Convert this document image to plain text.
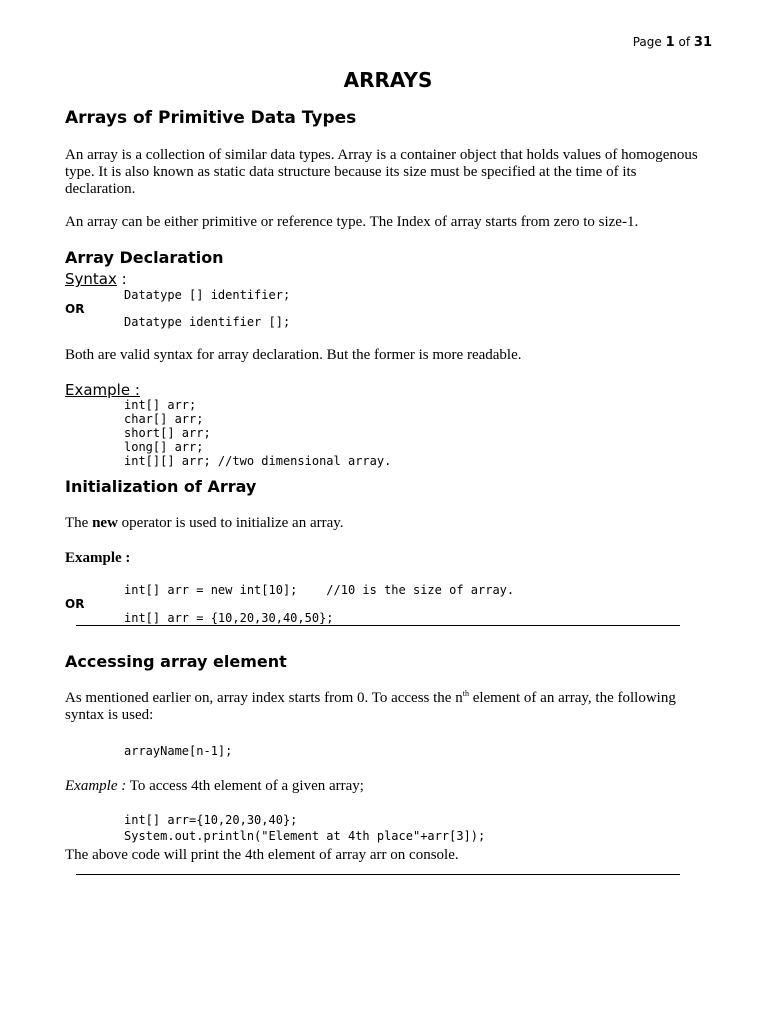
Page 1 of 31
ARRAYS
Arrays of Primitive Data Types
An array is a collection of similar data types. Array is a container object that holds values of homogenous type. It is also known as static data structure because its size must be specified at the time of its declaration.
An array can be either primitive or reference type. The Index of array starts from zero to size-1.
Array Declaration
Syntax :
Datatype [] identifier;
OR
Datatype identifier [];
Both are valid syntax for array declaration. But the former is more readable.
Example :
int[] arr;
char[] arr;
short[] arr;
long[] arr;
int[][] arr; //two dimensional array.
Initialization of Array
The new operator is used to initialize an array.
Example :
int[] arr = new int[10];    //10 is the size of array.
OR
int[] arr = {10,20,30,40,50};
Accessing array element
As mentioned earlier on, array index starts from 0. To access the $n^{th}$ element of an array, the following syntax is used:
arrayName[n-1];
Example : To access 4th element of a given array;
int[] arr={10,20,30,40};
System.out.println("Element at 4th place"+arr[3]);
The above code will print the 4th element of array arr on console.
